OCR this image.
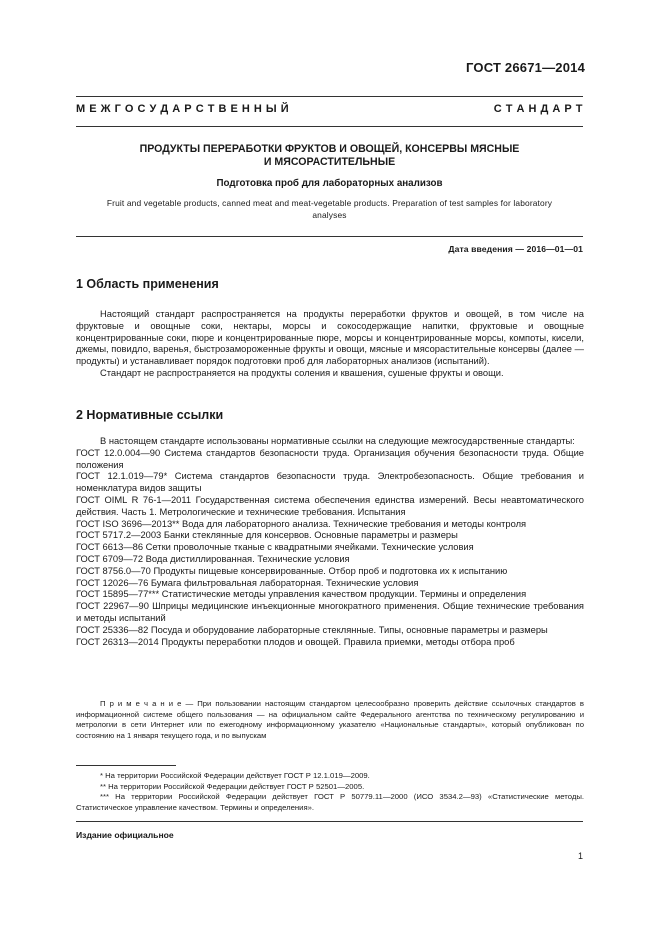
ГОСТ 26671—2014
М Е Ж Г О С У Д А Р С Т В Е Н Н Ы Й	С Т А Н Д А Р Т
ПРОДУКТЫ ПЕРЕРАБОТКИ ФРУКТОВ И ОВОЩЕЙ, КОНСЕРВЫ МЯСНЫЕ
И МЯСОРАСТИТЕЛЬНЫЕ
Подготовка проб для лабораторных анализов
Fruit and vegetable products, canned meat and meat-vegetable products. Preparation of test samples for laboratory
analyses
Дата введения — 2016—01—01
1 Область применения

Настоящий стандарт распространяется на продукты переработки фруктов и овощей, в том числе на фруктовые и овощные соки, нектары, морсы и сокосодержащие напитки, фруктовые и овощные концентрированные соки, пюре и концентрированные пюре, морсы и концентрированные морсы, компоты, кисели, джемы, повидло, варенья, быстрозамороженные фрукты и овощи, мясные и мясорастительные консервы (далее — продукты) и устанавливает порядок подготовки проб для лабораторных анализов (испытаний).

Стандарт не распространяется на продукты соления и квашения, сушеные фрукты и овощи.

2 Нормативные ссылки

В настоящем стандарте использованы нормативные ссылки на следующие межгосударственные стандарты:

ГОСТ 12.0.004—90 Система стандартов безопасности труда. Организация обучения безопасности труда. Общие положения

ГОСТ 12.1.019—79* Система стандартов безопасности труда. Электробезопасность. Общие требования и номенклатура видов защиты

ГОСТ OIML R 76-1—2011 Государственная система обеспечения единства измерений. Весы неавтоматического действия. Часть 1. Метрологические и технические требования. Испытания

ГОСТ ISO 3696—2013** Вода для лабораторного анализа. Технические требования и методы контроля

ГОСТ 5717.2—2003 Банки стеклянные для консервов. Основные параметры и размеры

ГОСТ 6613—86 Сетки проволочные тканые с квадратными ячейками. Технические условия

ГОСТ 6709—72 Вода дистиллированная. Технические условия

ГОСТ 8756.0—70 Продукты пищевые консервированные. Отбор проб и подготовка их к испытанию

ГОСТ 12026—76 Бумага фильтровальная лабораторная. Технические условия

ГОСТ 15895—77*** Статистические методы управления качеством продукции. Термины и определения

ГОСТ 22967—90 Шприцы медицинские инъекционные многократного применения. Общие технические требования и методы испытаний

ГОСТ 25336—82 Посуда и оборудование лабораторные стеклянные. Типы, основные параметры и размеры

ГОСТ 26313—2014 Продукты переработки плодов и овощей. Правила приемки, методы отбора проб

П р и м е ч а н и е — При пользовании настоящим стандартом целесообразно проверить действие ссылочных стандартов в информационной системе общего пользования — на официальном сайте Федерального агентства по техническому регулированию и метрологии в сети Интернет или по ежегодному информационному указателю «Национальные стандарты», который опубликован по состоянию на 1 января текущего года, и по выпускам

* На территории Российской Федерации действует ГОСТ Р 12.1.019—2009.

** На территории Российской Федерации действует ГОСТ Р 52501—2005.

*** На территории Российской Федерации действует ГОСТ Р 50779.11—2000 (ИСО 3534.2—93) «Статистические методы. Статистическое управление качеством. Термины и определения».

Издание официальное
1
